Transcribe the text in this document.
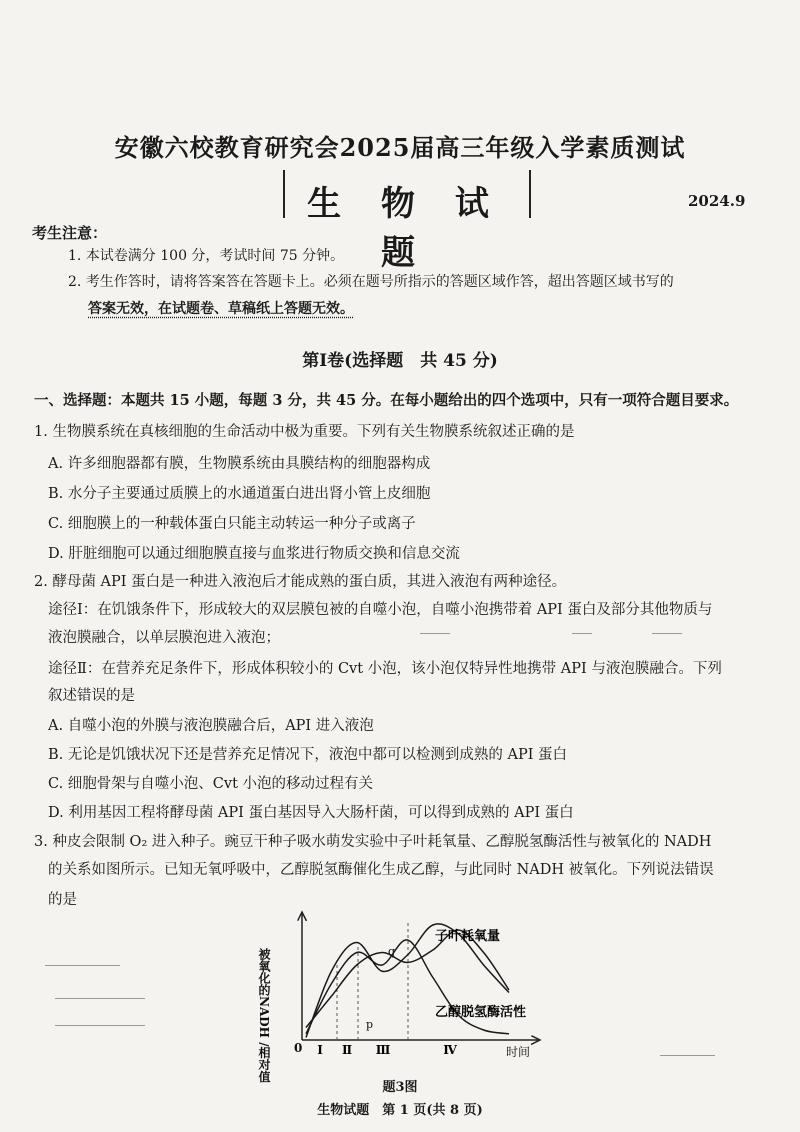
安徽六校教育研究会2025届高三年级入学素质测试
生 物 试 题
2024.9
考生注意：
1. 本试卷满分 100 分，考试时间 75 分钟。
2. 考生作答时，请将答案答在答题卡上。必须在题号所指示的答题区域作答，超出答题区域书写的
答案无效，在试题卷、草稿纸上答题无效。
第Ⅰ卷(选择题　共 45 分)
一、选择题：本题共 15 小题，每题 3 分，共 45 分。在每小题给出的四个选项中，只有一项符合题目要求。
1. 生物膜系统在真核细胞的生命活动中极为重要。下列有关生物膜系统叙述正确的是
A. 许多细胞器都有膜，生物膜系统由具膜结构的细胞器构成
B. 水分子主要通过质膜上的水通道蛋白进出肾小管上皮细胞
C. 细胞膜上的一种载体蛋白只能主动转运一种分子或离子
D. 肝脏细胞可以通过细胞膜直接与血浆进行物质交换和信息交流
2. 酵母菌 API 蛋白是一种进入液泡后才能成熟的蛋白质，其进入液泡有两种途径。
途径Ⅰ：在饥饿条件下，形成较大的双层膜包被的自噬小泡，自噬小泡携带着 API 蛋白及部分其他物质与
液泡膜融合，以单层膜泡进入液泡；
途径Ⅱ：在营养充足条件下，形成体积较小的 Cvt 小泡，该小泡仅特异性地携带 API 与液泡膜融合。下列
叙述错误的是
A. 自噬小泡的外膜与液泡膜融合后，API 进入液泡
B. 无论是饥饿状况下还是营养充足情况下，液泡中都可以检测到成熟的 API 蛋白
C. 细胞骨架与自噬小泡、Cvt 小泡的移动过程有关
D. 利用基因工程将酵母菌 API 蛋白基因导入大肠杆菌，可以得到成熟的 API 蛋白
3. 种皮会限制 O₂ 进入种子。豌豆干种子吸水萌发实验中子叶耗氧量、乙醇脱氢酶活性与被氧化的 NADH
的关系如图所示。已知无氧呼吸中，乙醇脱氢酶催化生成乙醇，与此同时 NADH 被氧化。下列说法错误
的是
被氧化的NADH /相对值 0	时间
Ⅰ Ⅱ Ⅲ	Ⅳ
子叶耗氧量
乙醇脱氢酶活性
p
q
题3图
生物试题　第 1 页(共 8 页)
